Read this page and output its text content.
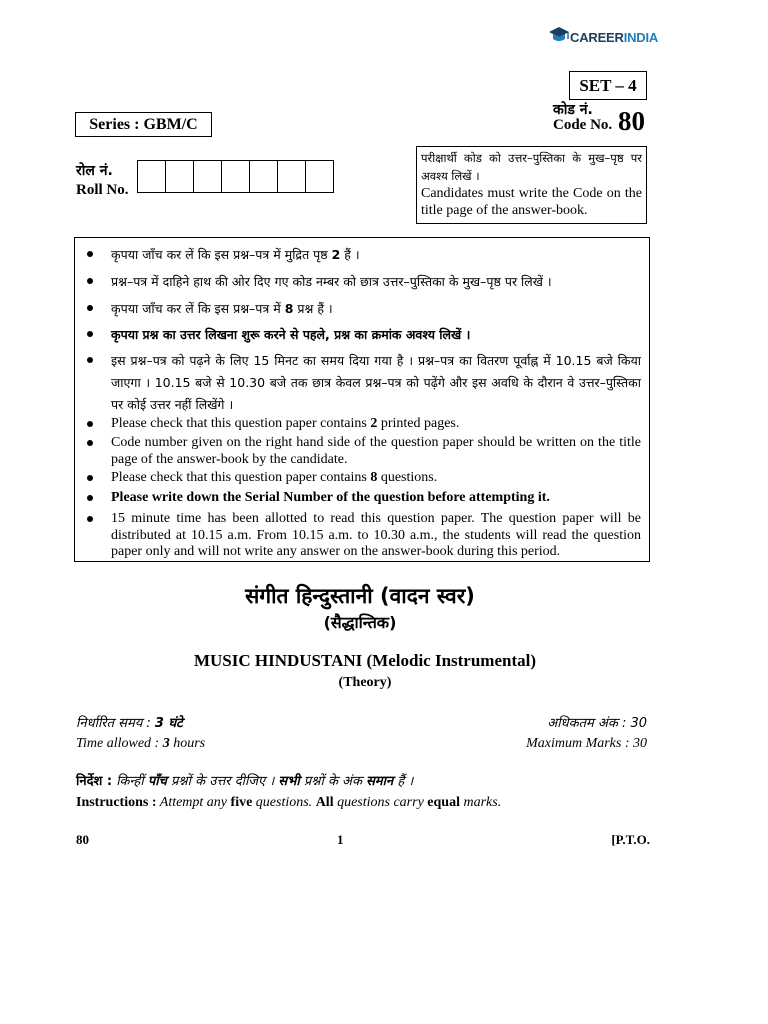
CAREERINDIA
SET – 4
Series : GBM/C
कोड नं.
Code No. 80
रोल नं.
Roll No.
परीक्षार्थी कोड को उत्तर–पुस्तिका के मुख–पृष्ठ पर अवश्य लिखें ।
Candidates must write the Code on the title page of the answer-book.
कृपया जाँच कर लें कि इस प्रश्न–पत्र में मुद्रित पृष्ठ 2 हैं ।
प्रश्न–पत्र में दाहिने हाथ की ओर दिए गए कोड नम्बर को छात्र उत्तर–पुस्तिका के मुख–पृष्ठ पर लिखें ।
कृपया जाँच कर लें कि इस प्रश्न–पत्र में 8 प्रश्न हैं ।
कृपया प्रश्न का उत्तर लिखना शुरू करने से पहले, प्रश्न का क्रमांक अवश्य लिखें ।
इस प्रश्न–पत्र को पढ़ने के लिए 15 मिनट का समय दिया गया है । प्रश्न–पत्र का वितरण पूर्वाह्न में 10.15 बजे किया जाएगा । 10.15 बजे से 10.30 बजे तक छात्र केवल प्रश्न–पत्र को पढ़ेंगे और इस अवधि के दौरान वे उत्तर–पुस्तिका पर कोई उत्तर नहीं लिखेंगे ।
Please check that this question paper contains 2 printed pages.
Code number given on the right hand side of the question paper should be written on the title page of the answer-book by the candidate.
Please check that this question paper contains 8 questions.
Please write down the Serial Number of the question before attempting it.
15 minute time has been allotted to read this question paper. The question paper will be distributed at 10.15 a.m. From 10.15 a.m. to 10.30 a.m., the students will read the question paper only and will not write any answer on the answer-book during this period.
संगीत हिन्दुस्तानी (वादन स्वर)
(सैद्धान्तिक)
MUSIC HINDUSTANI (Melodic Instrumental)
(Theory)
निर्धारित समय : 3 घंटे
Time allowed : 3 hours
अधिकतम अंक : 30
Maximum Marks : 30
निर्देश : किन्हीं पाँच प्रश्नों के उत्तर दीजिए । सभी प्रश्नों के अंक समान हैं ।
Instructions : Attempt any five questions. All questions carry equal marks.
80	1	[P.T.O.
